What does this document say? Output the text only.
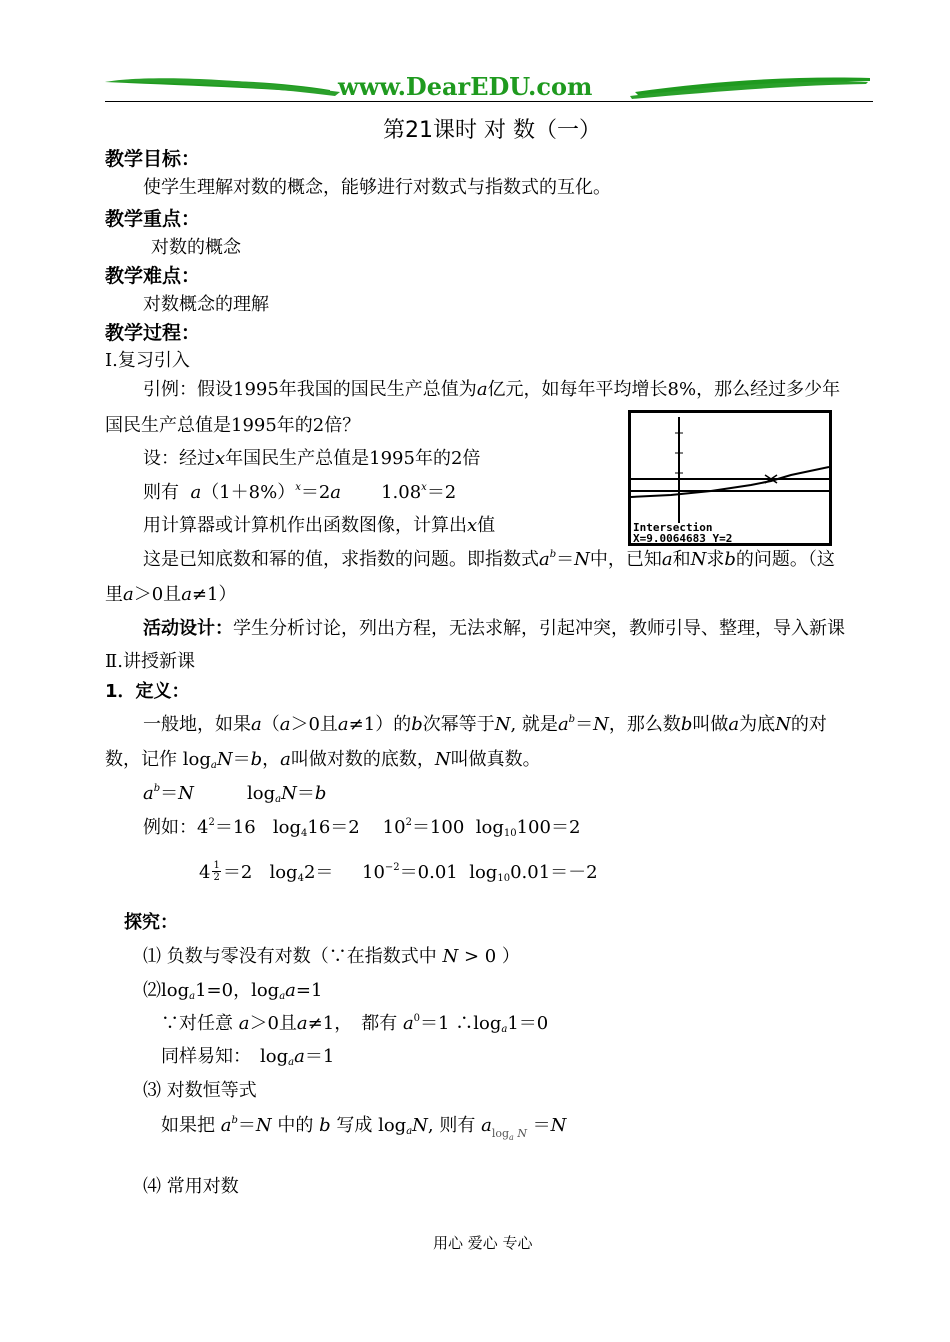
www.DearEDU.com
第21课时 对 数（一）
教学目标：
使学生理解对数的概念，能够进行对数式与指数式的互化。
教学重点：
对数的概念
教学难点：
对数概念的理解
教学过程：
Ⅰ.复习引入
引例：假设1995年我国的国民生产总值为a亿元，如每年平均增长8%，那么经过多少年
国民生产总值是1995年的2倍？
设：经过x年国民生产总值是1995年的2倍
则有 $a(1+8\%)^x=2a$ $1.08^x=2$
用计算器或计算机作出函数图像，计算出x值	Intersection
X=9.0064683 Y=2
这是已知底数和幂的值，求指数的问题。即指数式$a^b=N$中，已知a和N求b的问题。（这
里a＞0且a≠1）
活动设计：学生分析讨论，列出方程，无法求解，引起冲突，教师引导、整理，导入新课
Ⅱ.讲授新课
1．定义：
一般地，如果a（a＞0且a≠1）的b次幂等于N, 就是$a^b=N$，那么数b叫做a为底N的对
数，记作 $\log_aN=b$，a叫做对数的底数，N叫做真数。
$a^b=N$	$\log_aN=b$
例如：$4^2=16$ $\log_416=2$ $10^2=100$ $\log_{10}100=2$
$4 \frac{1}{2} =2$ $\log_42= 10^{-2}=0.01$ $\log_{10}0.01=-2$
探究：
⑴ 负数与零没有对数（∵在指数式中 N > 0 ）
$⑵\log_a1=0$，$\log_aa=1$
∵对任意 a＞0且a≠1，　都有 $a^0=1$ $\therefore\log_a1=0$
同样易知：　$\log_aa=1$
⑶ 对数恒等式
如果把 $a^b=N$ 中的 b 写成 $\log_aN$, 则有 $a_{log_a N} =N$
⑷ 常用对数
用心 爱心 专心
